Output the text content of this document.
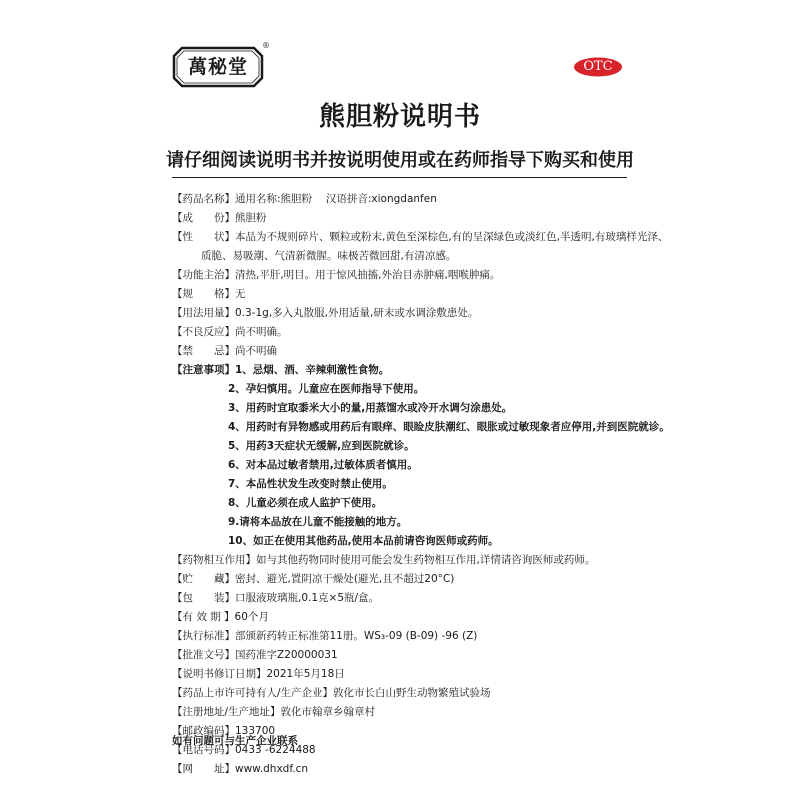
萬秘堂
®
OTC
熊胆粉说明书
请仔细阅读说明书并按说明使用或在药师指导下购买和使用

【药品名称】通用名称:熊胆粉　 汉语拼音:xiongdanfen

【成　　份】熊胆粉

【性　　状】本品为不规则碎片、颗粒或粉末,黄色至深棕色,有的呈深绿色或淡红色,半透明,有玻璃样光泽、

质脆、易吸潮、气清新微腥。味极苦微回甜,有清凉感。

【功能主治】清热,平肝,明目。用于惊风抽搐,外治目赤肿痛,咽喉肿痛。

【规　　格】无

【用法用量】0.3-1g,多入丸散服,外用适量,研末或水调涂敷患处。

【不良反应】尚不明确。

【禁　　忌】尚不明确

【注意事项】1、忌烟、酒、辛辣刺激性食物。

2、孕妇慎用。儿童应在医师指导下使用。

3、用药时宜取黍米大小的量,用蒸馏水或冷开水调匀涂患处。

4、用药时有异物感或用药后有眼痒、眼睑皮肤潮红、眼胀或过敏现象者应停用,并到医院就诊。

5、用药3天症状无缓解,应到医院就诊。

6、对本品过敏者禁用,过敏体质者慎用。

7、本品性状发生改变时禁止使用。

8、儿童必须在成人监护下使用。

9.请将本品放在儿童不能接触的地方。

10、如正在使用其他药品,使用本品前请咨询医师或药师。

【药物相互作用】如与其他药物同时使用可能会发生药物相互作用,详情请咨询医师或药师。

【贮　　藏】密封、避光,置阴凉干燥处(避光,且不超过20°C)

【包　　装】口服液玻璃瓶,0.1克×5瓶/盒。

【有 效 期 】60个月

【执行标准】部颁新药转正标准第11册。WS₃-09 (B-09) -96 (Z)

【批准文号】国药准字Z20000031

【说明书修订日期】2021年5月18日

【药品上市许可持有人/生产企业】敦化市长白山野生动物繁殖试验场

【注册地址/生产地址】敦化市翰章乡翰章村

【邮政编码】133700

【电话号码】0433 -6224488

【网　　址】www.dhxdf.cn

如有问题可与生产企业联系
